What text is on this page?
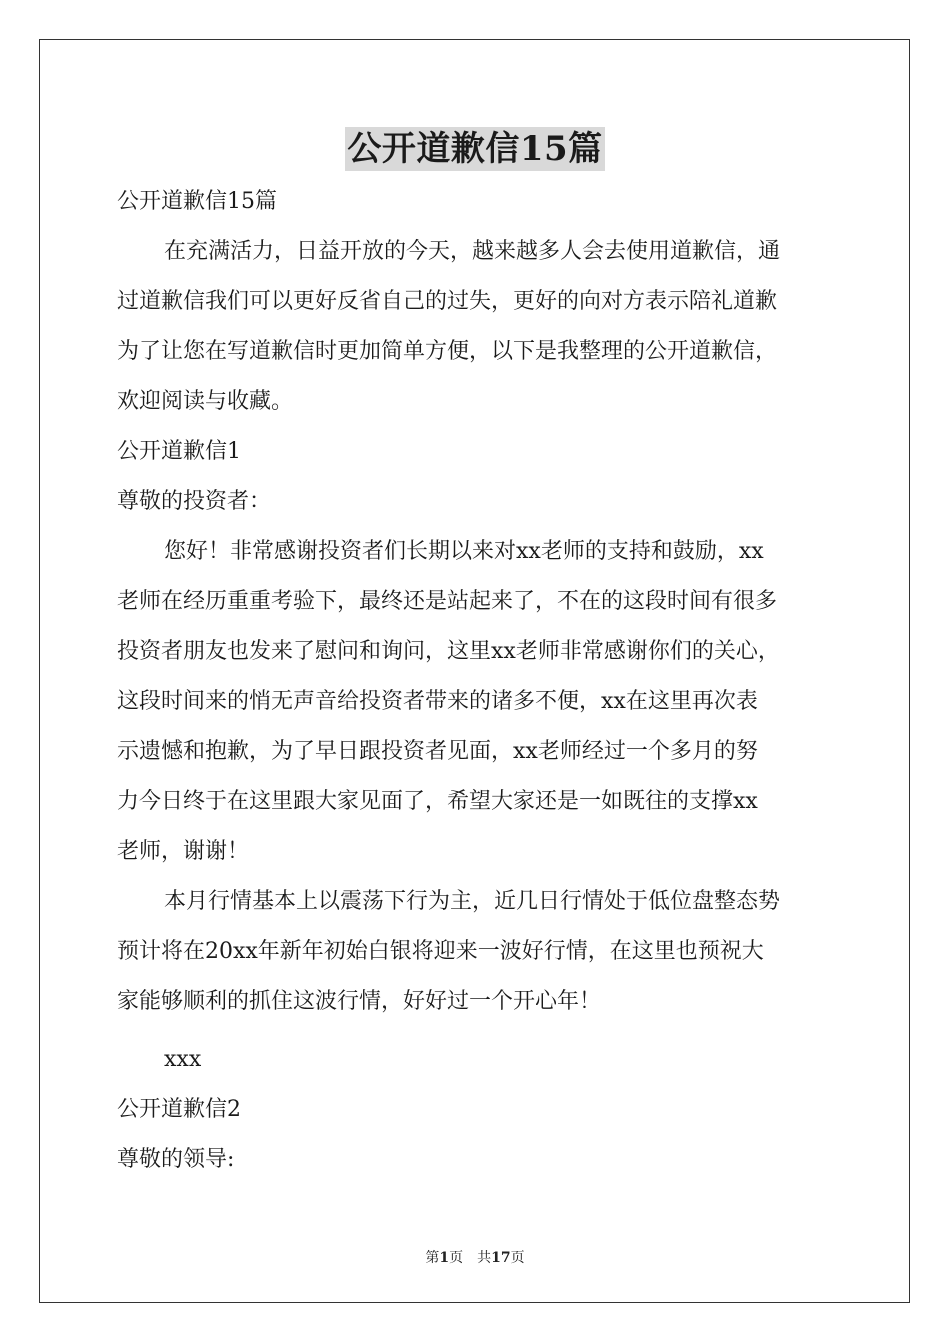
公开道歉信15篇

公开道歉信15篇

在充满活力，日益开放的今天，越来越多人会去使用道歉信，通

过道歉信我们可以更好反省自己的过失，更好的向对方表示陪礼道歉

为了让您在写道歉信时更加简单方便，以下是我整理的公开道歉信，

欢迎阅读与收藏。

公开道歉信1

尊敬的投资者：

您好！非常感谢投资者们长期以来对xx老师的支持和鼓励，xx

老师在经历重重考验下，最终还是站起来了，不在的这段时间有很多

投资者朋友也发来了慰问和询问，这里xx老师非常感谢你们的关心，

这段时间来的悄无声音给投资者带来的诸多不便，xx在这里再次表

示遗憾和抱歉，为了早日跟投资者见面，xx老师经过一个多月的努

力今日终于在这里跟大家见面了，希望大家还是一如既往的支撑xx

老师，谢谢！

本月行情基本上以震荡下行为主，近几日行情处于低位盘整态势

预计将在20xx年新年初始白银将迎来一波好行情，在这里也预祝大

家能够顺利的抓住这波行情，好好过一个开心年！

xxx

公开道歉信2

尊敬的领导:

第1页　共17页
